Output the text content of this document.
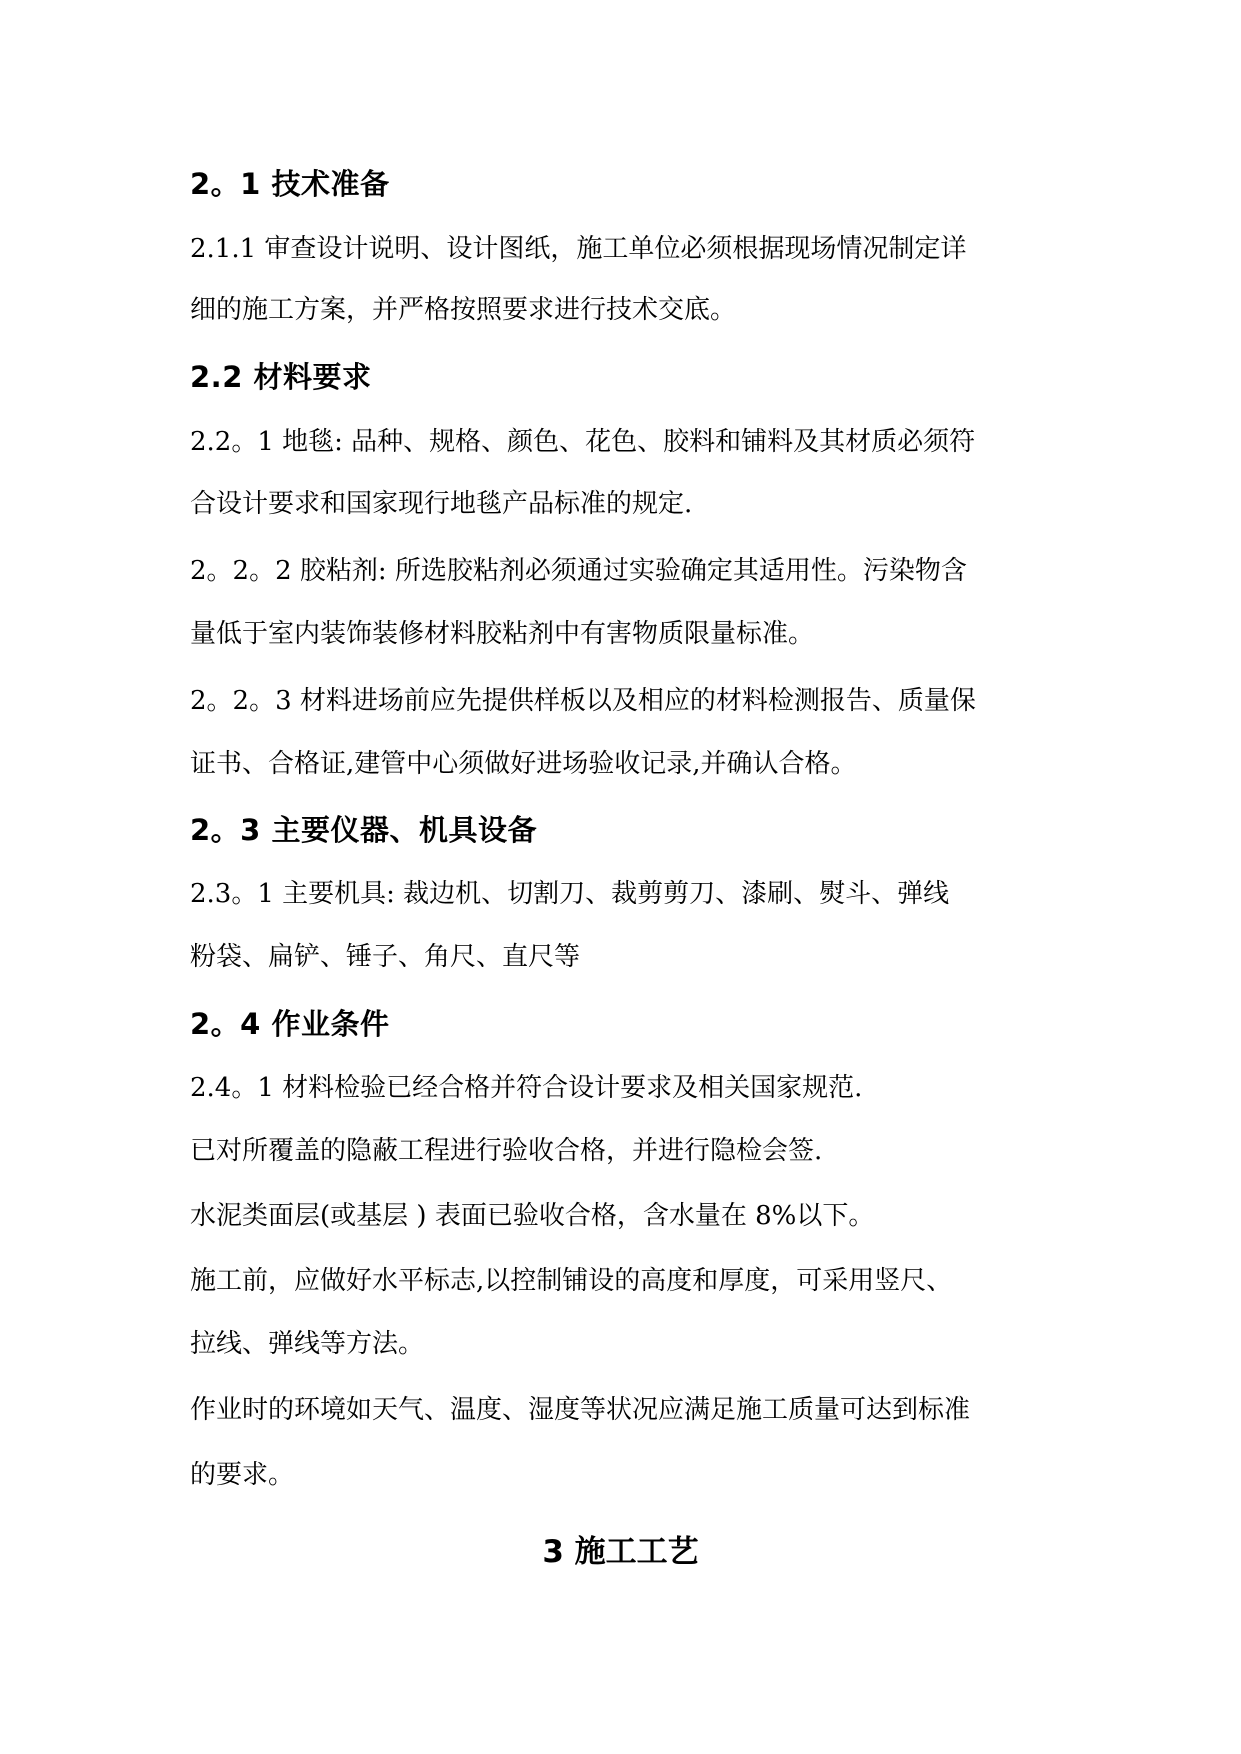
2。1 技术准备
2.1.1 审查设计说明、设计图纸，施工单位必须根据现场情况制定详
细的施工方案，并严格按照要求进行技术交底。
2.2 材料要求
2.2。1 地毯: 品种、规格、颜色、花色、胶料和铺料及其材质必须符
合设计要求和国家现行地毯产品标准的规定.
2。2。2 胶粘剂: 所选胶粘剂必须通过实验确定其适用性。污染物含
量低于室内装饰装修材料胶粘剂中有害物质限量标准。
2。2。3 材料进场前应先提供样板以及相应的材料检测报告、质量保
证书、合格证,建管中心须做好进场验收记录,并确认合格。
2。3 主要仪器、机具设备
2.3。1 主要机具: 裁边机、切割刀、裁剪剪刀、漆刷、熨斗、弹线
粉袋、扁铲、锤子、角尺、直尺等
2。4 作业条件
2.4。1 材料检验已经合格并符合设计要求及相关国家规范.
已对所覆盖的隐蔽工程进行验收合格，并进行隐检会签.
水泥类面层(或基层 ) 表面已验收合格，含水量在 8%以下。
施工前，应做好水平标志,以控制铺设的高度和厚度，可采用竖尺、
拉线、弹线等方法。
作业时的环境如天气、温度、湿度等状况应满足施工质量可达到标准
的要求。
3 施工工艺
